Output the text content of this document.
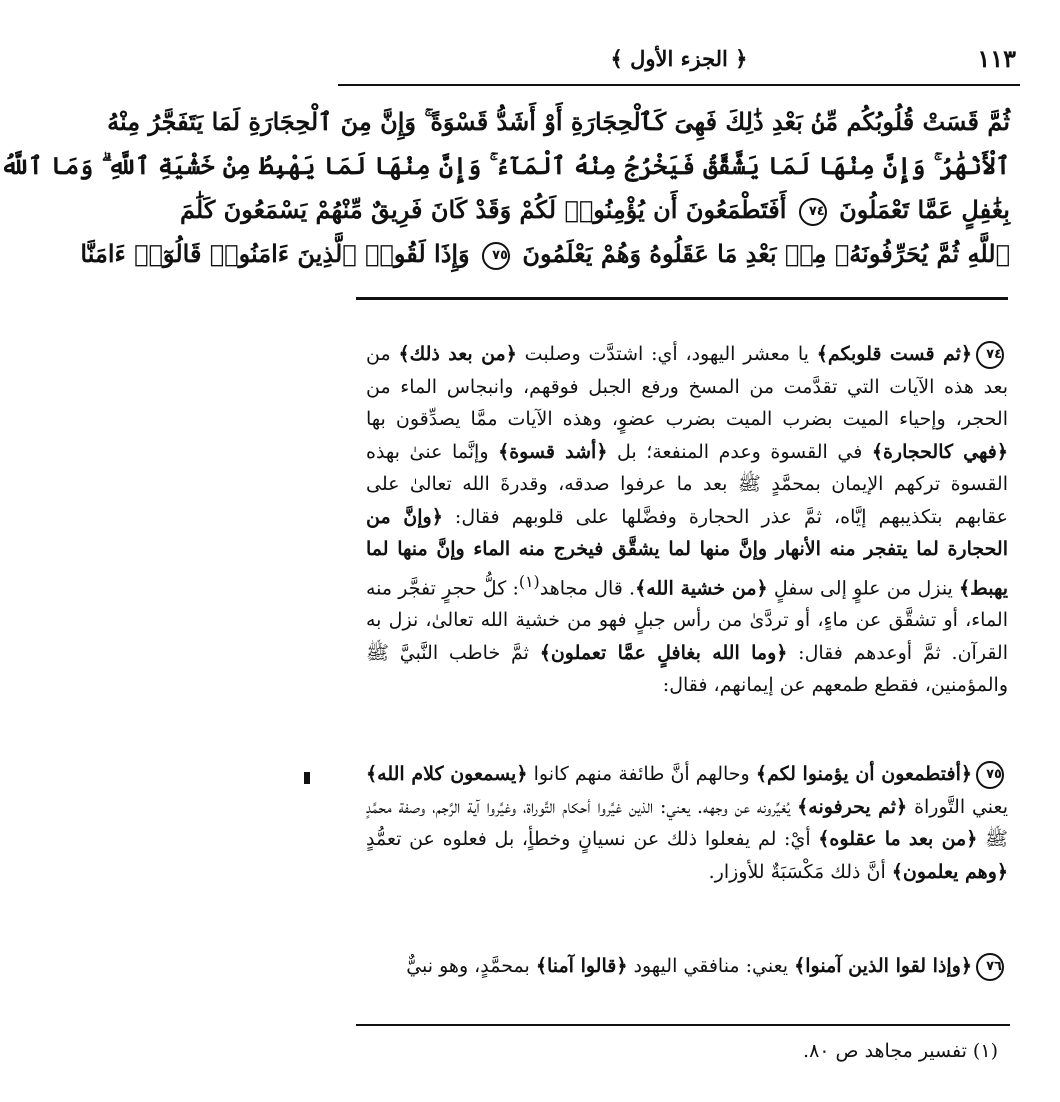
١١٣
﴿ الجزء الأول ﴾
ثُمَّ قَسَتْ قُلُوبُكُم مِّنۢ بَعْدِ ذَٰلِكَ فَهِىَ كَٱلْحِجَارَةِ أَوْ أَشَدُّ قَسْوَةً ۚ وَإِنَّ مِنَ ٱلْحِجَارَةِ لَمَا يَتَفَجَّرُ مِنْهُ
ٱلْأَنْهَٰرُ ۚ وَإِنَّ مِنْهَا لَمَا يَشَّقَّقُ فَيَخْرُجُ مِنْهُ ٱلْمَآءُ ۚ وَإِنَّ مِنْهَا لَمَا يَهْبِطُ مِنْ خَشْيَةِ ٱللَّهِ ۗ وَمَا ٱللَّهُ
بِغَٰفِلٍ عَمَّا تَعْمَلُونَ ٧٤ أَفَتَطْمَعُونَ أَن يُؤْمِنُوا۟ لَكُمْ وَقَدْ كَانَ فَرِيقٌ مِّنْهُمْ يَسْمَعُونَ كَلَٰمَ
ٱللَّهِ ثُمَّ يُحَرِّفُونَهُۥ مِنۢ بَعْدِ مَا عَقَلُوهُ وَهُمْ يَعْلَمُونَ ٧٥ وَإِذَا لَقُوا۟ ٱلَّذِينَ ءَامَنُوا۟ قَالُوٓا۟ ءَامَنَّا

٧٤﴿ثم قست قلوبكم﴾ يا معشر اليهود، أي: اشتدَّت وصلبت ﴿من بعد ذلك﴾ من بعد هذه الآيات التي تقدَّمت من المسخ ورفع الجبل فوقهم، وانبجاس الماء من الحجر، وإحياء الميت بضرب الميت بضرب عضوٍ، وهذه الآيات ممَّا يصدِّقون بها ﴿فهي كالحجارة﴾ في القسوة وعدم المنفعة؛ بل ﴿أشد قسوة﴾ وإنَّما عنىٰ بهذه القسوة تركهم الإيمان بمحمَّدٍ ﷺ بعد ما عرفوا صدقه، وقدرةَ الله تعالىٰ على عقابهم بتكذيبهم إيَّاه، ثمَّ عذر الحجارة وفضَّلها على قلوبهم فقال: ﴿وإنَّ من الحجارة لما يتفجر منه الأنهار وإنَّ منها لما يشقَّق فيخرج منه الماء وإنَّ منها لما يهبط﴾ ينزل من علوٍ إلى سفلٍ ﴿من خشية الله﴾. قال مجاهد$^{(١)}$: كلُّ حجرٍ تفجَّر منه الماء، أو تشقَّق عن ماءٍ، أو تردَّىٰ من رأس جبلٍ فهو من خشية الله تعالىٰ، نزل به القرآن. ثمَّ أوعدهم فقال: ﴿وما الله بغافلٍ عمَّا تعملون﴾ ثمَّ خاطب النَّبيَّ ﷺ والمؤمنين، فقطع طمعهم عن إيمانهم، فقال:

٧٥﴿أفتطمعون أن يؤمنوا لكم﴾ وحالهم أنَّ طائفة منهم كانوا ﴿يسمعون كلام الله﴾ يعني التَّوراة ﴿ثم يحرفونه﴾ يُغيِّرونه عن وجهه. يعني: الذين غيَّروا أحكام التَّوراة، وغيَّروا آية الرَّجم، وصفة محمَّدٍ ﷺ ﴿من بعد ما عقلوه﴾ أيْ: لم يفعلوا ذلك عن نسيانٍ وخطأٍ، بل فعلوه عن تعمُّدٍ ﴿وهم يعلمون﴾ أنَّ ذلك مَكْسَبَةٌ للأوزار.

٧٦﴿وإذا لقوا الذين آمنوا﴾ يعني: منافقي اليهود ﴿قالوا آمنا﴾ بمحمَّدٍ، وهو نبيٌّ

(١) تفسير مجاهد ص ٨٠.
